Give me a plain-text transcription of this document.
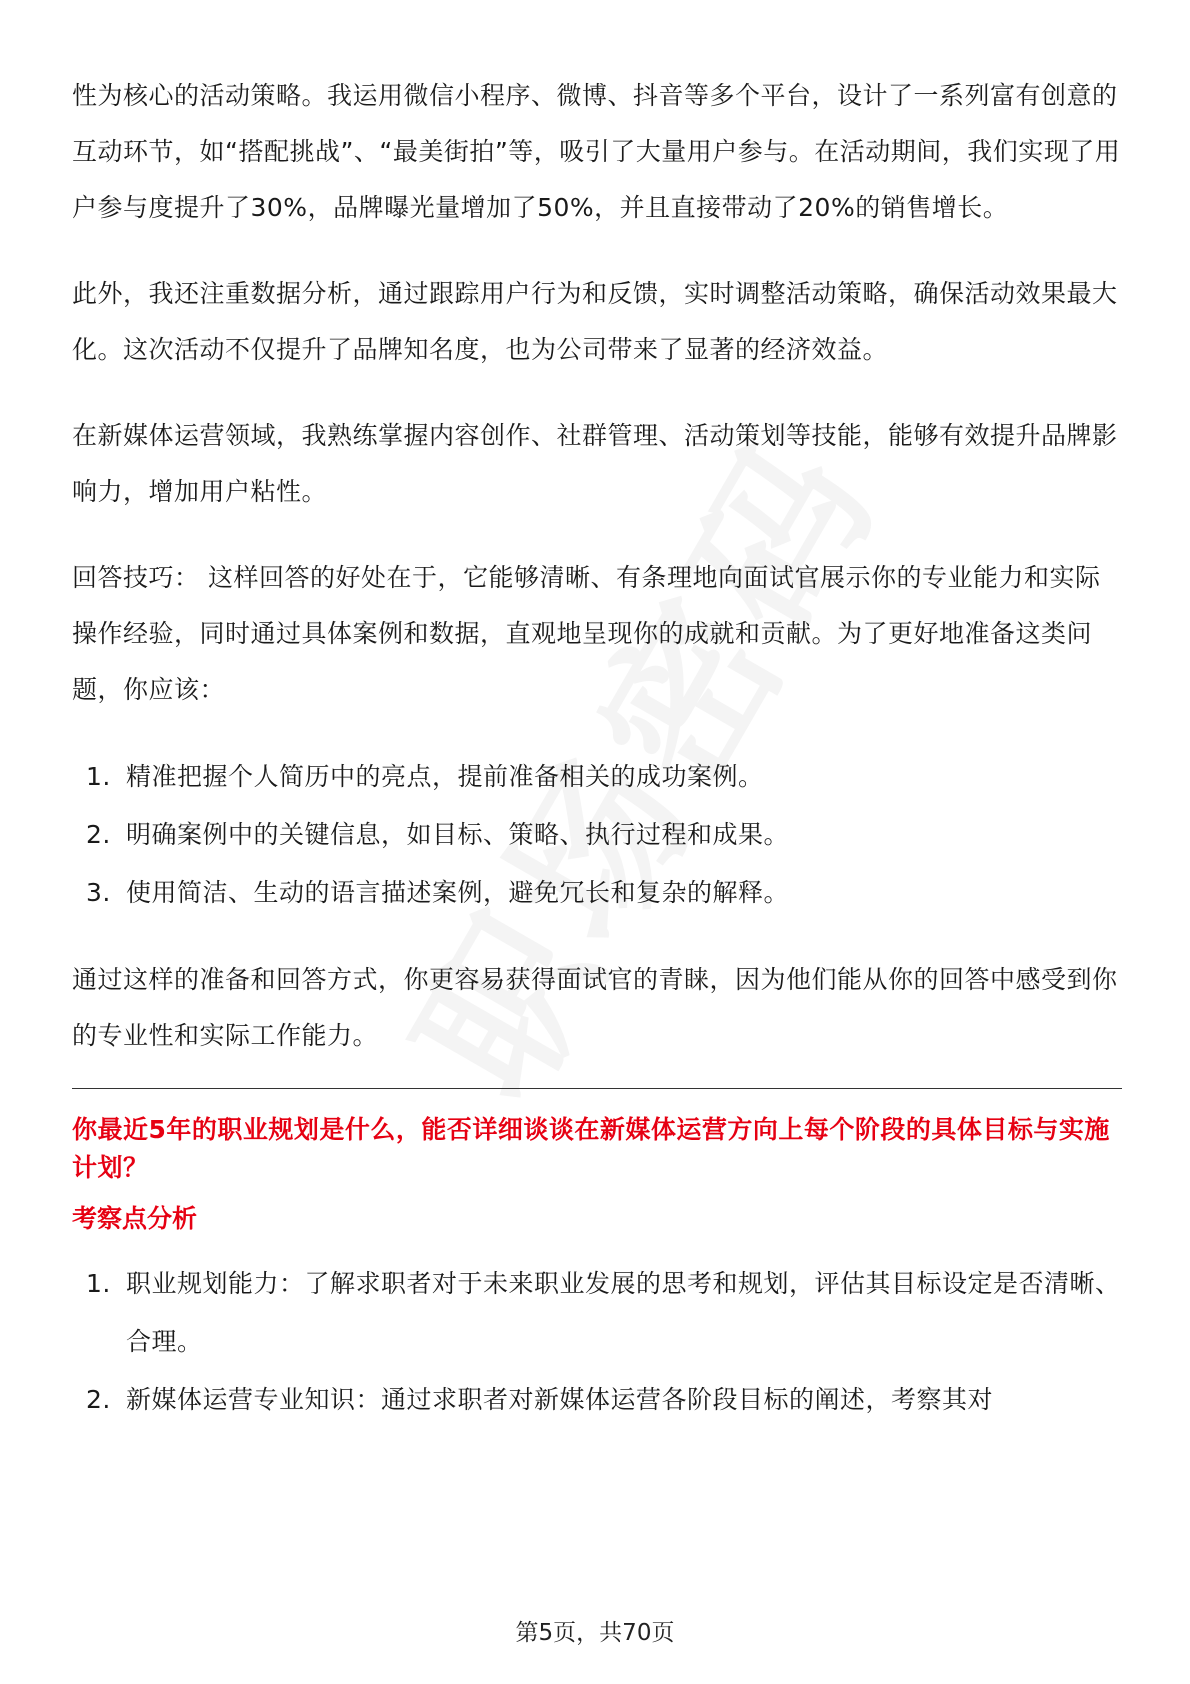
性为核心的活动策略。我运用微信小程序、微博、抖音等多个平台，设计了一系列富有创意的互动环节，如“搭配挑战”、“最美街拍”等，吸引了大量用户参与。在活动期间，我们实现了用户参与度提升了30%，品牌曝光量增加了50%，并且直接带动了20%的销售增长。

此外，我还注重数据分析，通过跟踪用户行为和反馈，实时调整活动策略，确保活动效果最大化。这次活动不仅提升了品牌知名度，也为公司带来了显著的经济效益。

在新媒体运营领域，我熟练掌握内容创作、社群管理、活动策划等技能，能够有效提升品牌影响力，增加用户粘性。

回答技巧： 这样回答的好处在于，它能够清晰、有条理地向面试官展示你的专业能力和实际操作经验，同时通过具体案例和数据，直观地呈现你的成就和贡献。为了更好地准备这类问题，你应该：

1. 精准把握个人简历中的亮点，提前准备相关的成功案例。
2. 明确案例中的关键信息，如目标、策略、执行过程和成果。
3. 使用简洁、生动的语言描述案例，避免冗长和复杂的解释。

通过这样的准备和回答方式，你更容易获得面试官的青睐，因为他们能从你的回答中感受到你的专业性和实际工作能力。

你最近5年的职业规划是什么，能否详细谈谈在新媒体运营方向上每个阶段的具体目标与实施计划？

考察点分析

1. 职业规划能力：了解求职者对于未来职业发展的思考和规划，评估其目标设定是否清晰、合理。
2. 新媒体运营专业知识：通过求职者对新媒体运营各阶段目标的阐述，考察其对
第5页，共70页
